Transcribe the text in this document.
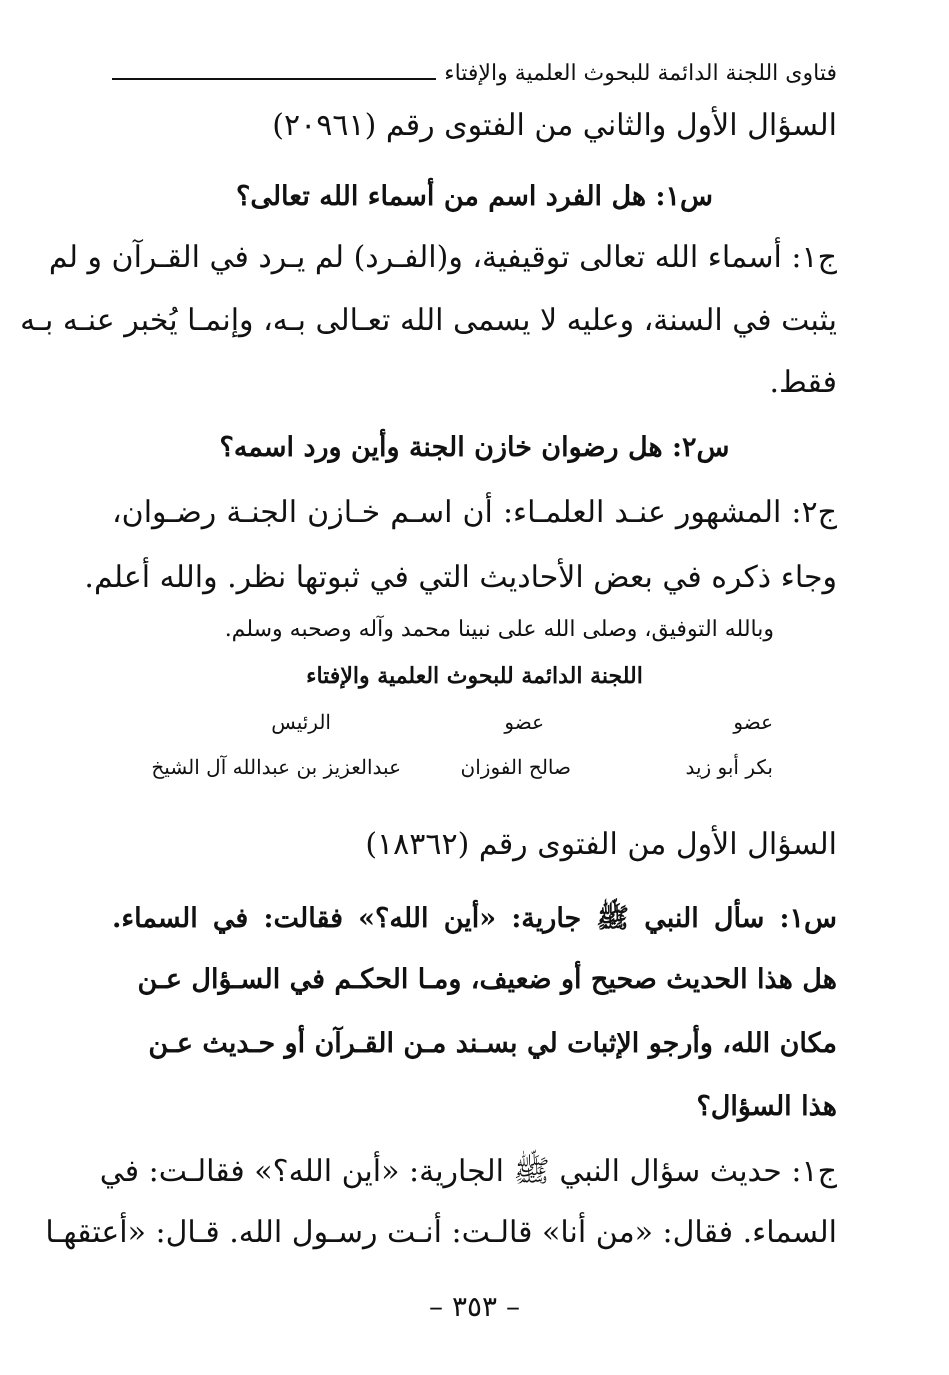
فتاوى اللجنة الدائمة للبحوث العلمية والإفتاء
السؤال الأول والثاني من الفتوى رقم (٢٠٩٦١)
س١: هل الفرد اسم من أسماء الله تعالى؟
ج١: أسماء الله تعالى توقيفية، و(الفـرد) لم يـرد في القـرآن و لم
يثبت في السنة، وعليه لا يسمى الله تعـالى بـه، وإنمـا يُخبر عنـه بـه
فقط.
س٢: هل رضوان خازن الجنة وأين ورد اسمه؟
ج٢: المشهور عنـد العلمـاء: أن اسـم خـازن الجنـة رضـوان،
وجاء ذكره في بعض الأحاديث التي في ثبوتها نظر. والله أعلم.
وبالله التوفيق، وصلى الله على نبينا محمد وآله وصحبه وسلم.
اللجنة الدائمة للبحوث العلمية والإفتاء
الرئيس
عبدالعزيز بن عبدالله آل الشيخ
عضو
صالح الفوزان
عضو
بكر أبو زيد
السؤال الأول من الفتوى رقم (١٨٣٦٢)
س١: سأل النبي ﷺ جارية: «أين الله؟» فقالت: في السماء.
هل هذا الحديث صحيح أو ضعيف، ومـا الحكـم في السـؤال عـن
مكان الله، وأرجو الإثبات لي بسـند مـن القـرآن أو حـديث عـن
هذا السؤال؟
ج١: حديث سؤال النبي ﷺ الجارية: «أين الله؟» فقالـت: في
السماء. فقال: «من أنا» قالـت: أنـت رسـول الله. قـال: «أعتقهـا
– ٣٥٣ –
